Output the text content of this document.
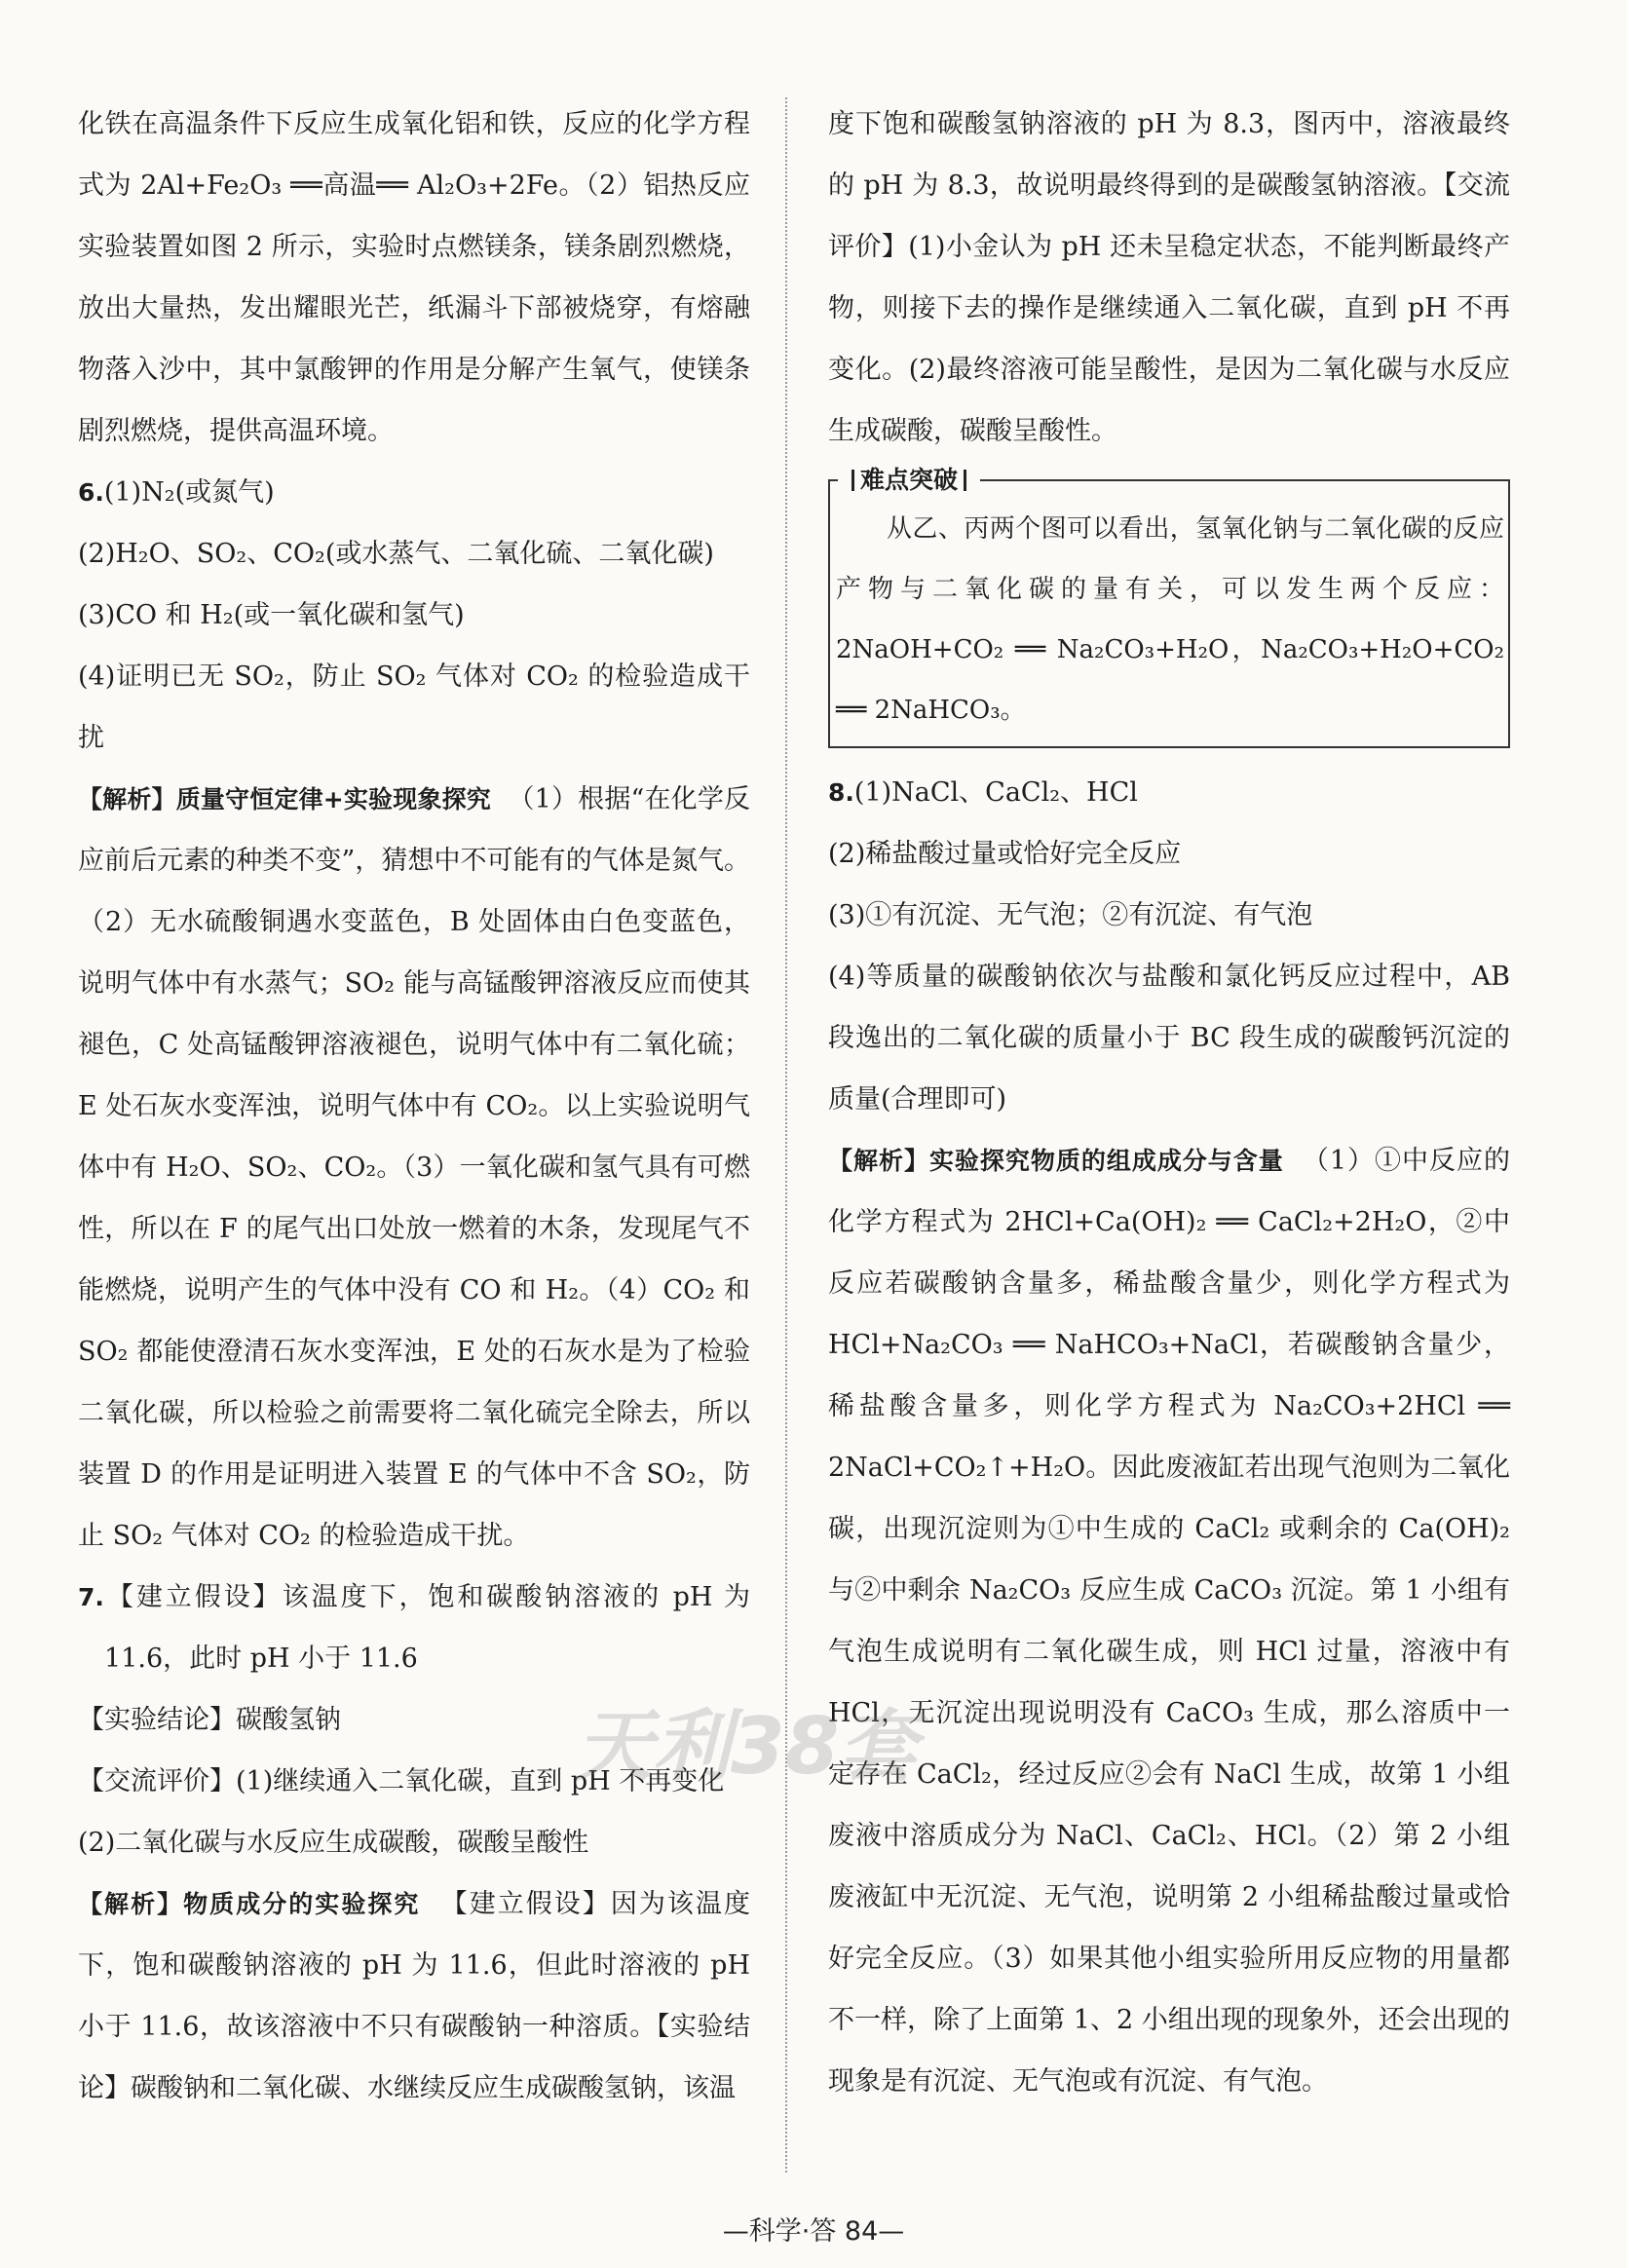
化铁在高温条件下反应生成氧化铝和铁，反应的化学方程式为 2Al+Fe₂O₃ ══高温══ Al₂O₃+2Fe。（2）铝热反应实验装置如图 2 所示，实验时点燃镁条，镁条剧烈燃烧，放出大量热，发出耀眼光芒，纸漏斗下部被烧穿，有熔融物落入沙中，其中氯酸钾的作用是分解产生氧气，使镁条剧烈燃烧，提供高温环境。

6.(1)N₂(或氮气)

(2)H₂O、SO₂、CO₂(或水蒸气、二氧化硫、二氧化碳)

(3)CO 和 H₂(或一氧化碳和氢气)

(4)证明已无 SO₂，防止 SO₂ 气体对 CO₂ 的检验造成干扰

【解析】质量守恒定律+实验现象探究 （1）根据“在化学反应前后元素的种类不变”，猜想中不可能有的气体是氮气。（2）无水硫酸铜遇水变蓝色，B 处固体由白色变蓝色，说明气体中有水蒸气；SO₂ 能与高锰酸钾溶液反应而使其褪色，C 处高锰酸钾溶液褪色，说明气体中有二氧化硫；E 处石灰水变浑浊，说明气体中有 CO₂。以上实验说明气体中有 H₂O、SO₂、CO₂。（3）一氧化碳和氢气具有可燃性，所以在 F 的尾气出口处放一燃着的木条，发现尾气不能燃烧，说明产生的气体中没有 CO 和 H₂。（4）CO₂ 和 SO₂ 都能使澄清石灰水变浑浊，E 处的石灰水是为了检验二氧化碳，所以检验之前需要将二氧化硫完全除去，所以装置 D 的作用是证明进入装置 E 的气体中不含 SO₂，防止 SO₂ 气体对 CO₂ 的检验造成干扰。

7.【建立假设】该温度下，饱和碳酸钠溶液的 pH 为 11.6，此时 pH 小于 11.6

【实验结论】碳酸氢钠

【交流评价】(1)继续通入二氧化碳，直到 pH 不再变化

(2)二氧化碳与水反应生成碳酸，碳酸呈酸性

【解析】物质成分的实验探究 【建立假设】因为该温度下，饱和碳酸钠溶液的 pH 为 11.6，但此时溶液的 pH 小于 11.6，故该溶液中不只有碳酸钠一种溶质。【实验结论】碳酸钠和二氧化碳、水继续反应生成碳酸氢钠，该温

度下饱和碳酸氢钠溶液的 pH 为 8.3，图丙中，溶液最终的 pH 为 8.3，故说明最终得到的是碳酸氢钠溶液。【交流评价】(1)小金认为 pH 还未呈稳定状态，不能判断最终产物，则接下去的操作是继续通入二氧化碳，直到 pH 不再变化。(2)最终溶液可能呈酸性，是因为二氧化碳与水反应生成碳酸，碳酸呈酸性。

难点突破

从乙、丙两个图可以看出，氢氧化钠与二氧化碳的反应产物与二氧化碳的量有关，可以发生两个反应：2NaOH+CO₂ ══ Na₂CO₃+H₂O，Na₂CO₃+H₂O+CO₂ ══ 2NaHCO₃。

8.(1)NaCl、CaCl₂、HCl

(2)稀盐酸过量或恰好完全反应

(3)①有沉淀、无气泡；②有沉淀、有气泡

(4)等质量的碳酸钠依次与盐酸和氯化钙反应过程中，AB 段逸出的二氧化碳的质量小于 BC 段生成的碳酸钙沉淀的质量(合理即可)

【解析】实验探究物质的组成成分与含量 （1）①中反应的化学方程式为 2HCl+Ca(OH)₂ ══ CaCl₂+2H₂O，②中反应若碳酸钠含量多，稀盐酸含量少，则化学方程式为 HCl+Na₂CO₃ ══ NaHCO₃+NaCl，若碳酸钠含量少，稀盐酸含量多，则化学方程式为 Na₂CO₃+2HCl ══ 2NaCl+CO₂↑+H₂O。因此废液缸若出现气泡则为二氧化碳，出现沉淀则为①中生成的 CaCl₂ 或剩余的 Ca(OH)₂ 与②中剩余 Na₂CO₃ 反应生成 CaCO₃ 沉淀。第 1 小组有气泡生成说明有二氧化碳生成，则 HCl 过量，溶液中有 HCl，无沉淀出现说明没有 CaCO₃ 生成，那么溶质中一定存在 CaCl₂，经过反应②会有 NaCl 生成，故第 1 小组废液中溶质成分为 NaCl、CaCl₂、HCl。（2）第 2 小组废液缸中无沉淀、无气泡，说明第 2 小组稀盐酸过量或恰好完全反应。（3）如果其他小组实验所用反应物的用量都不一样，除了上面第 1、2 小组出现的现象外，还会出现的现象是有沉淀、无气泡或有沉淀、有气泡。

天利38套
—科学·答 84—
